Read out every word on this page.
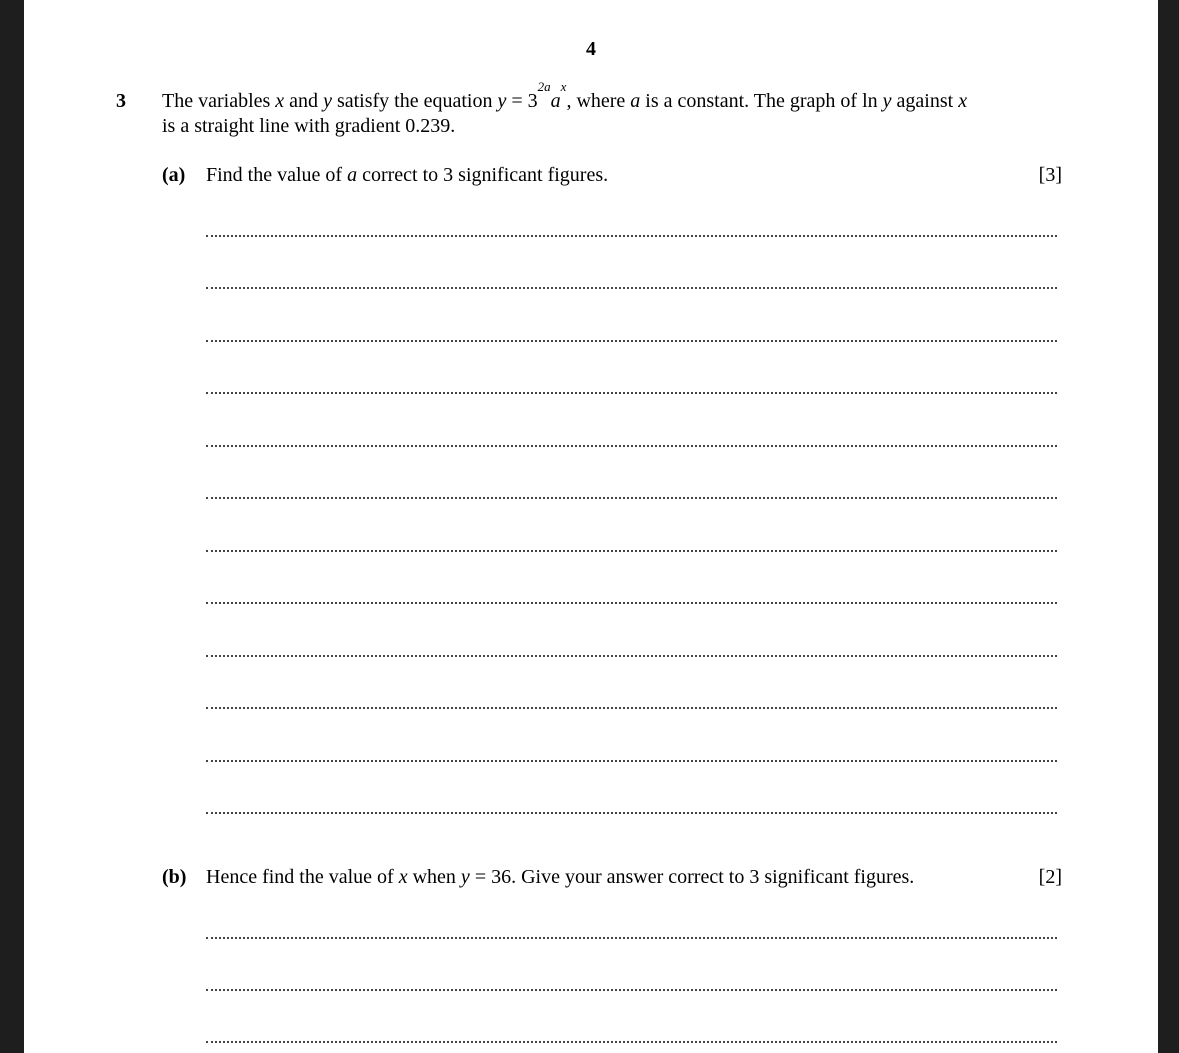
4
3 The variables x and y satisfy the equation $y = 3^{2a}a^x$, where a is a constant. The graph of ln y against x
is a straight line with gradient 0.239.
(a) Find the value of a correct to 3 significant figures.	[3]
(b) Hence find the value of x when y = 36. Give your answer correct to 3 significant figures.	[2]
